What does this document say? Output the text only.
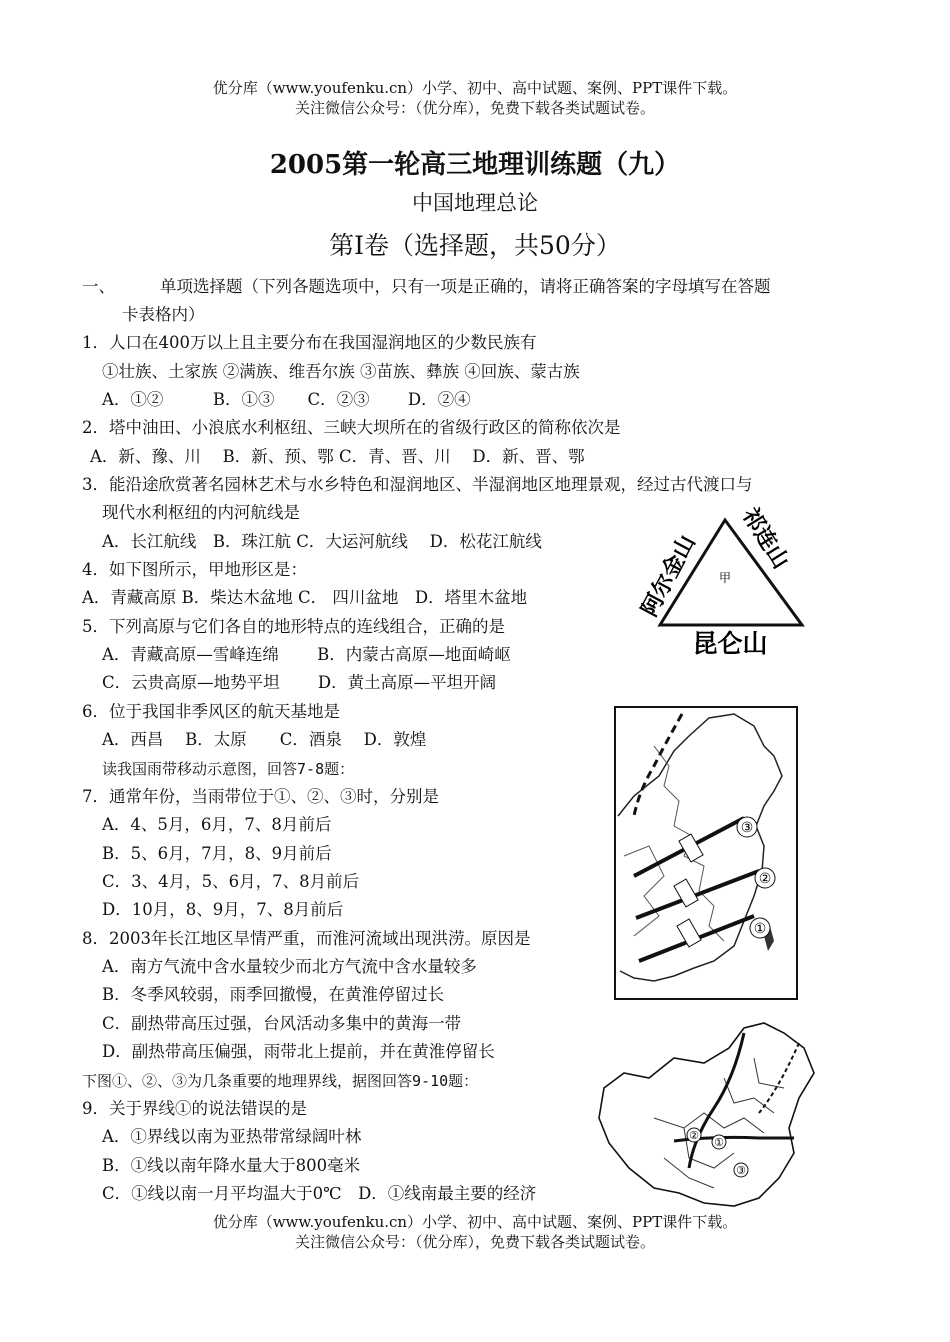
优分库（www.youfenku.cn）小学、初中、高中试题、案例、PPT课件下载。
关注微信公众号：（优分库），免费下载各类试题试卷。
2005第一轮高三地理训练题（九）
中国地理总论
第I卷（选择题，共50分）
一、	单项选择题（下列各题选项中，只有一项是正确的，请将正确答案的字母填写在答题
卡表格内）
1．人口在400万以上且主要分布在我国湿润地区的少数民族有
①壮族、土家族 ②满族、维吾尔族 ③苗族、彝族 ④回族、蒙古族
A．①②　　　B．①③　　C．②③　　 D．②④
2．塔中油田、小浪底水利枢纽、三峡大坝所在的省级行政区的简称依次是
A．新、豫、川　 B．新、预、鄂 C．青、晋、川　 D．新、晋、鄂
3．能沿途欣赏著名园林艺术与水乡特色和湿润地区、半湿润地区地理景观，经过古代渡口与
现代水利枢纽的内河航线是
A．长江航线　B．珠江航 C．大运河航线　 D．松花江航线
4．如下图所示，甲地形区是：
A．青藏高原 B．柴达木盆地 C． 四川盆地　D．塔里木盆地
5．下列高原与它们各自的地形特点的连线组合，正确的是
A．青藏高原—雪峰连绵　　 B．内蒙古高原—地面崎岖
C．云贵高原—地势平坦　　 D．黄土高原—平坦开阔
6．位于我国非季风区的航天基地是
A．西昌　 B．太原　　C．酒泉　 D．敦煌
读我国雨带移动示意图，回答7-8题：
7．通常年份，当雨带位于①、②、③时，分别是
A．4、5月，6月，7、8月前后
B．5、6月，7月，8、9月前后
C．3、4月，5、6月，7、8月前后
D．10月，8、9月，7、8月前后
8．2003年长江地区旱情严重，而淮河流域出现洪涝。原因是
A．南方气流中含水量较少而北方气流中含水量较多
B．冬季风较弱，雨季回撤慢，在黄淮停留过长
C．副热带高压过强，台风活动多集中的黄海一带
D．副热带高压偏强，雨带北上提前，并在黄淮停留长
下图①、②、③为几条重要的地理界线，据图回答9-10题：
9．关于界线①的说法错误的是
A．①界线以南为亚热带常绿阔叶林
B．①线以南年降水量大于800毫米
C．①线以南一月平均温大于0℃　D．①线南最主要的经济
甲
阿尔金山 祁连山
昆仑山
③
②
①
②
①
③
优分库（www.youfenku.cn）小学、初中、高中试题、案例、PPT课件下载。
关注微信公众号：（优分库），免费下载各类试题试卷。
